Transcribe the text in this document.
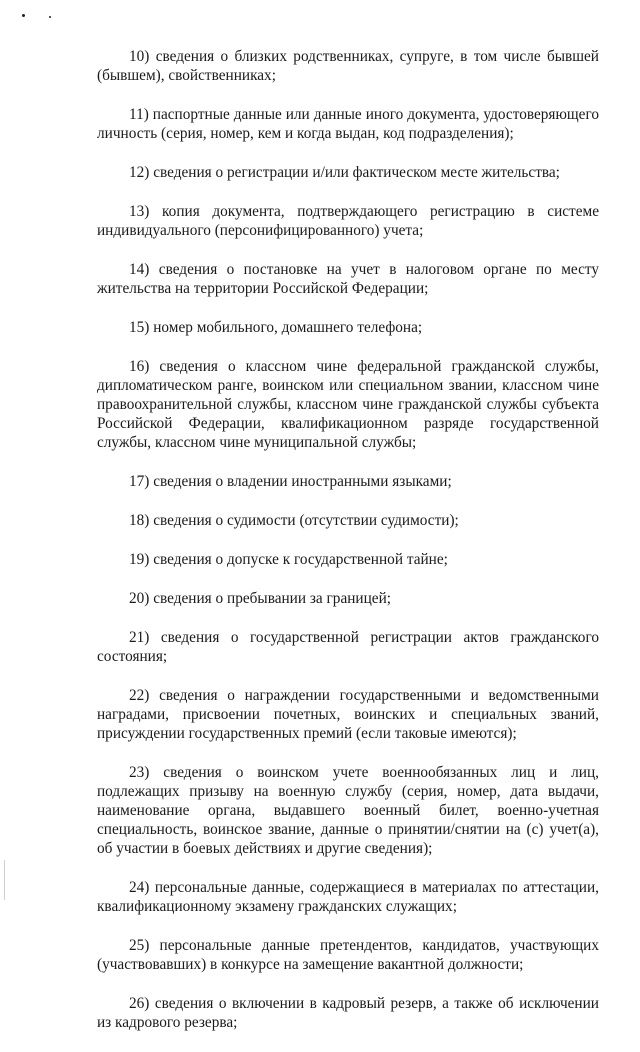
10) сведения о близких родственниках, супруге, в том числе бывшей (бывшем), свойственниках;

11) паспортные данные или данные иного документа, удостоверяющего личность (серия, номер, кем и когда выдан, код подразделения);

12) сведения о регистрации и/или фактическом месте жительства;

13) копия документа, подтверждающего регистрацию в системе индивидуального (персонифицированного) учета;

14) сведения о постановке на учет в налоговом органе по месту жительства на территории Российской Федерации;

15) номер мобильного, домашнего телефона;

16) сведения о классном чине федеральной гражданской службы, дипломатическом ранге, воинском или специальном звании, классном чине правоохранительной службы, классном чине гражданской службы субъекта Российской Федерации, квалификационном разряде государственной службы, классном чине муниципальной службы;

17) сведения о владении иностранными языками;

18) сведения о судимости (отсутствии судимости);

19) сведения о допуске к государственной тайне;

20) сведения о пребывании за границей;

21) сведения о государственной регистрации актов гражданского состояния;

22) сведения о награждении государственными и ведомственными наградами, присвоении почетных, воинских и специальных званий, присуждении государственных премий (если таковые имеются);

23) сведения о воинском учете военнообязанных лиц и лиц, подлежащих призыву на военную службу (серия, номер, дата выдачи, наименование органа, выдавшего военный билет, военно-учетная специальность, воинское звание, данные о принятии/снятии на (с) учет(а), об участии в боевых действиях и другие сведения);

24) персональные данные, содержащиеся в материалах по аттестации, квалификационному экзамену гражданских служащих;

25) персональные данные претендентов, кандидатов, участвующих (участвовавших) в конкурсе на замещение вакантной должности;

26) сведения о включении в кадровый резерв, а также об исключении из кадрового резерва;
